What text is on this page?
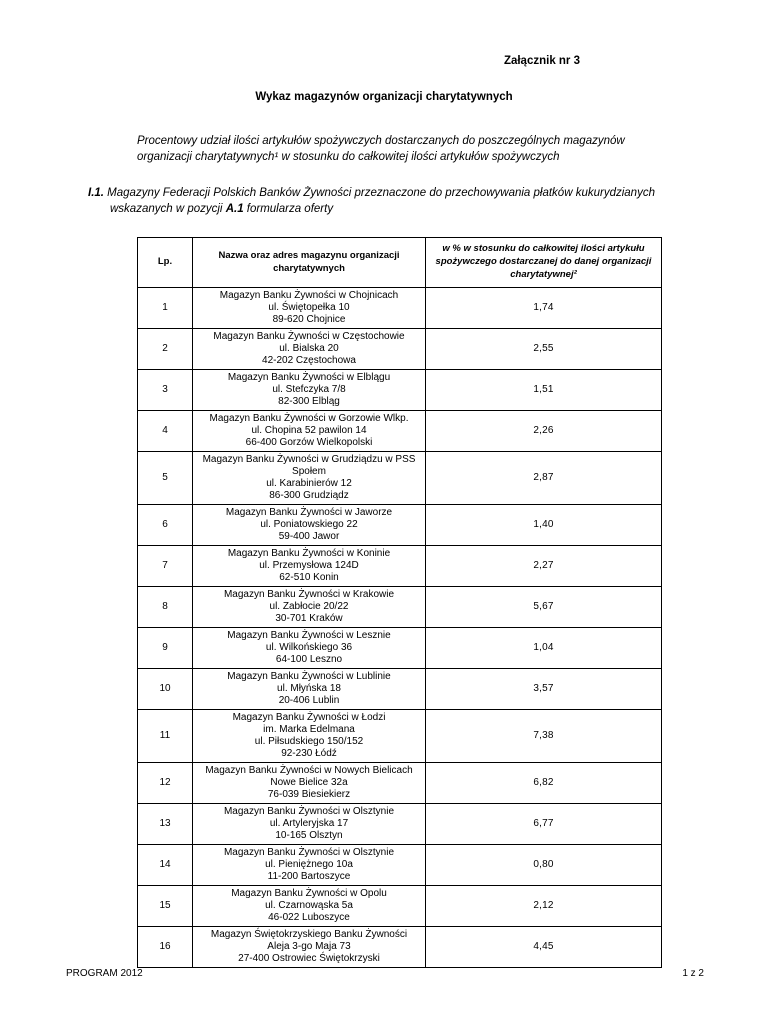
Załącznik nr 3
Wykaz magazynów organizacji charytatywnych

Procentowy udział ilości artykułów spożywczych dostarczanych do poszczególnych magazynów organizacji charytatywnych¹ w stosunku do całkowitej ilości artykułów spożywczych

I.1. Magazyny Federacji Polskich Banków Żywności przeznaczone do przechowywania płatków kukurydzianych wskazanych w pozycji A.1 formularza oferty

Lp.	Nazwa oraz adres magazynu organizacji charytatywnych	w % w stosunku do całkowitej ilości artykułu spożywczego dostarczanej do danej organizacji charytatywnej²
1	Magazyn Banku Żywności w Chojnicach
ul. Świętopełka 10
89-620 Chojnice	1,74
2	Magazyn Banku Żywności w Częstochowie
ul. Bialska 20
42-202 Częstochowa	2,55
3	Magazyn Banku Żywności w Elblągu
ul. Stefczyka 7/8
82-300 Elbląg	1,51
4	Magazyn Banku Żywności w Gorzowie Wlkp.
ul. Chopina 52 pawilon 14
66-400 Gorzów Wielkopolski	2,26
5	Magazyn Banku Żywności w Grudziądzu w PSS
Społem
ul. Karabinierów 12
86-300 Grudziądz	2,87
6	Magazyn Banku Żywności w Jaworze
ul. Poniatowskiego 22
59-400 Jawor	1,40
7	Magazyn Banku Żywności w Koninie
ul. Przemysłowa 124D
62-510 Konin	2,27
8	Magazyn Banku Żywności w Krakowie
ul. Zabłocie 20/22
30-701 Kraków	5,67
9	Magazyn Banku Żywności w Lesznie
ul. Wilkońskiego 36
64-100 Leszno	1,04
10	Magazyn Banku Żywności w Lublinie
ul. Młyńska 18
20-406 Lublin	3,57
11	Magazyn Banku Żywności w Łodzi
im. Marka Edelmana
ul. Piłsudskiego 150/152
92-230 Łódź	7,38
12	Magazyn Banku Żywności w Nowych Bielicach
Nowe Bielice 32a
76-039 Biesiekierz	6,82
13	Magazyn Banku Żywności w Olsztynie
ul. Artyleryjska 17
10-165 Olsztyn	6,77
14	Magazyn Banku Żywności w Olsztynie
ul. Pieniężnego 10a
11-200 Bartoszyce	0,80
15	Magazyn Banku Żywności w Opolu
ul. Czarnowąska 5a
46-022 Luboszyce	2,12
16	Magazyn Świętokrzyskiego Banku Żywności
Aleja 3-go Maja 73
27-400 Ostrowiec Świętokrzyski	4,45
PROGRAM 2012	1 z 2
